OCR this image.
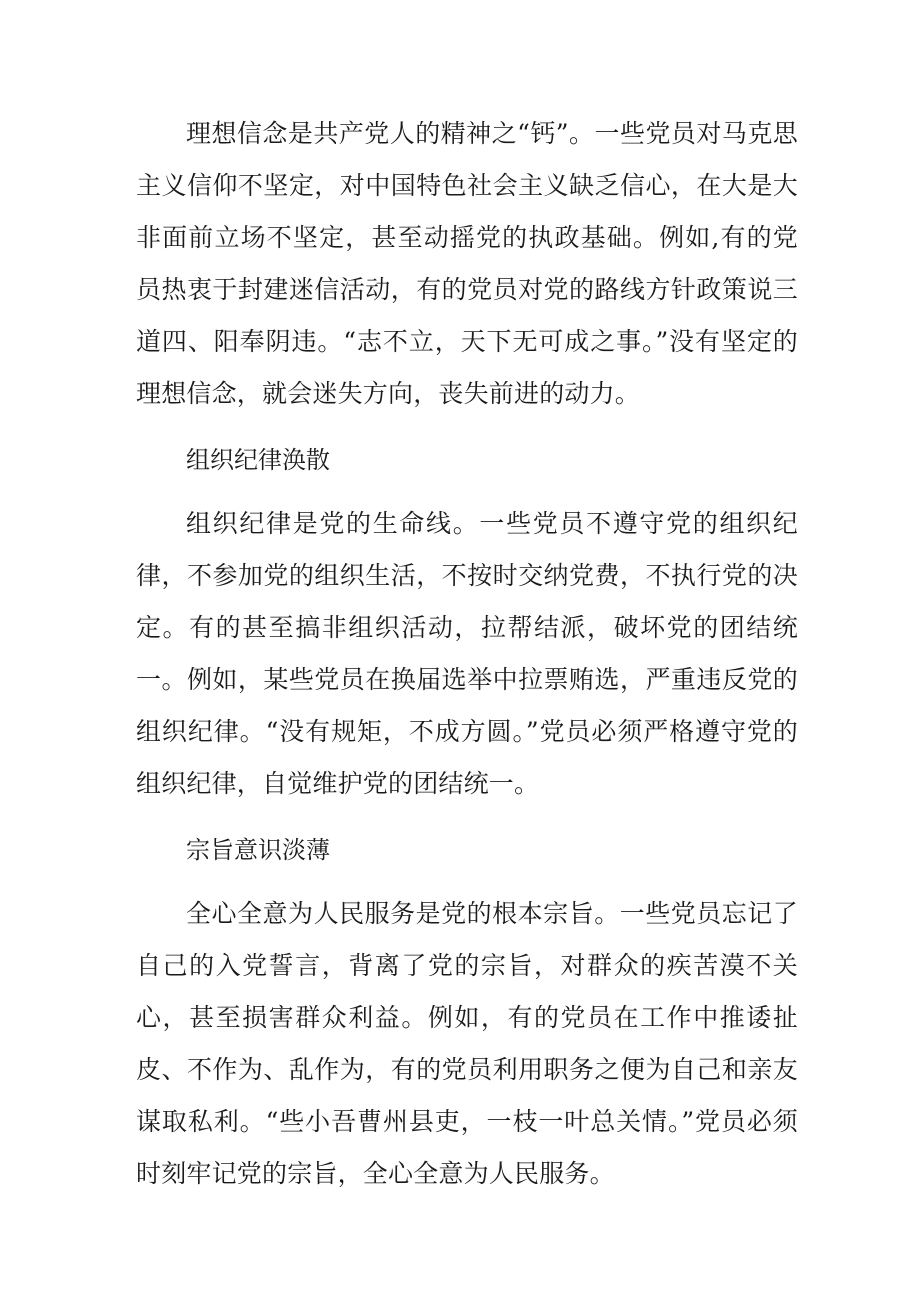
理想信念是共产党人的精神之“钙”。一些党员对马克思主义信仰不坚定，对中国特色社会主义缺乏信心，在大是大非面前立场不坚定，甚至动摇党的执政基础。例如,有的党员热衷于封建迷信活动，有的党员对党的路线方针政策说三道四、阳奉阴违。“志不立，天下无可成之事。”没有坚定的理想信念，就会迷失方向，丧失前进的动力。

组织纪律涣散

组织纪律是党的生命线。一些党员不遵守党的组织纪律，不参加党的组织生活，不按时交纳党费，不执行党的决定。有的甚至搞非组织活动，拉帮结派，破坏党的团结统一。例如，某些党员在换届选举中拉票贿选，严重违反党的组织纪律。“没有规矩，不成方圆。”党员必须严格遵守党的组织纪律，自觉维护党的团结统一。

宗旨意识淡薄

全心全意为人民服务是党的根本宗旨。一些党员忘记了自己的入党誓言，背离了党的宗旨，对群众的疾苦漠不关心，甚至损害群众利益。例如，有的党员在工作中推诿扯皮、不作为、乱作为，有的党员利用职务之便为自己和亲友谋取私利。“些小吾曹州县吏，一枝一叶总关情。”党员必须时刻牢记党的宗旨，全心全意为人民服务。
